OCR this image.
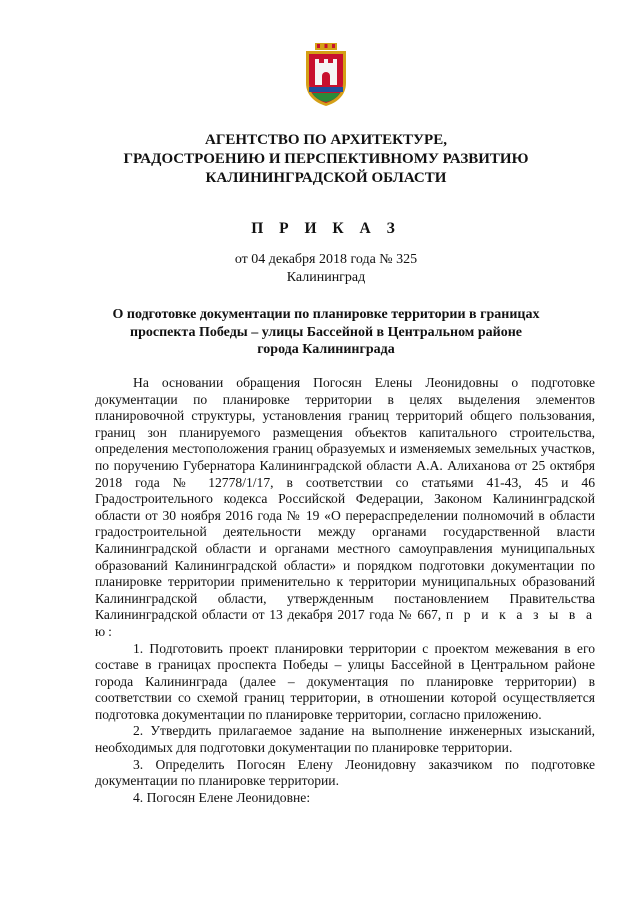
АГЕНТСТВО ПО АРХИТЕКТУРЕ,
ГРАДОСТРОЕНИЮ И ПЕРСПЕКТИВНОМУ РАЗВИТИЮ
КАЛИНИНГРАДСКОЙ ОБЛАСТИ
П Р И К А З
от 04 декабря 2018 года № 325
Калининград
О подготовке документации по планировке территории в границах
проспекта Победы – улицы Бассейной в Центральном районе
города Калининграда

На основании обращения Погосян Елены Леонидовны о подготовке документации по планировке территории в целях выделения элементов планировочной структуры, установления границ территорий общего пользования, границ зон планируемого размещения объектов капитального строительства, определения местоположения границ образуемых и изменяемых земельных участков, по поручению Губернатора Калининградской области А.А. Алиханова от 25 октября 2018 года № 12778/1/17, в соответствии со статьями 41-43, 45 и 46 Градостроительного кодекса Российской Федерации, Законом Калининградской области от 30 ноября 2016 года № 19 «О перераспределении полномочий в области градостроительной деятельности между органами государственной власти Калининградской области и органами местного самоуправления муниципальных образований Калининградской области» и порядком подготовки документации по планировке территории применительно к территории муниципальных образований Калининградской области, утвержденным постановлением Правительства Калининградской области от 13 декабря 2017 года № 667, п р и к а з ы в а ю:

1. Подготовить проект планировки территории с проектом межевания в его составе в границах проспекта Победы – улицы Бассейной в Центральном районе города Калининграда (далее – документация по планировке территории) в соответствии со схемой границ территории, в отношении которой осуществляется подготовка документации по планировке территории, согласно приложению.

2. Утвердить прилагаемое задание на выполнение инженерных изысканий, необходимых для подготовки документации по планировке территории.

3. Определить Погосян Елену Леонидовну заказчиком по подготовке документации по планировке территории.

4. Погосян Елене Леонидовне:
